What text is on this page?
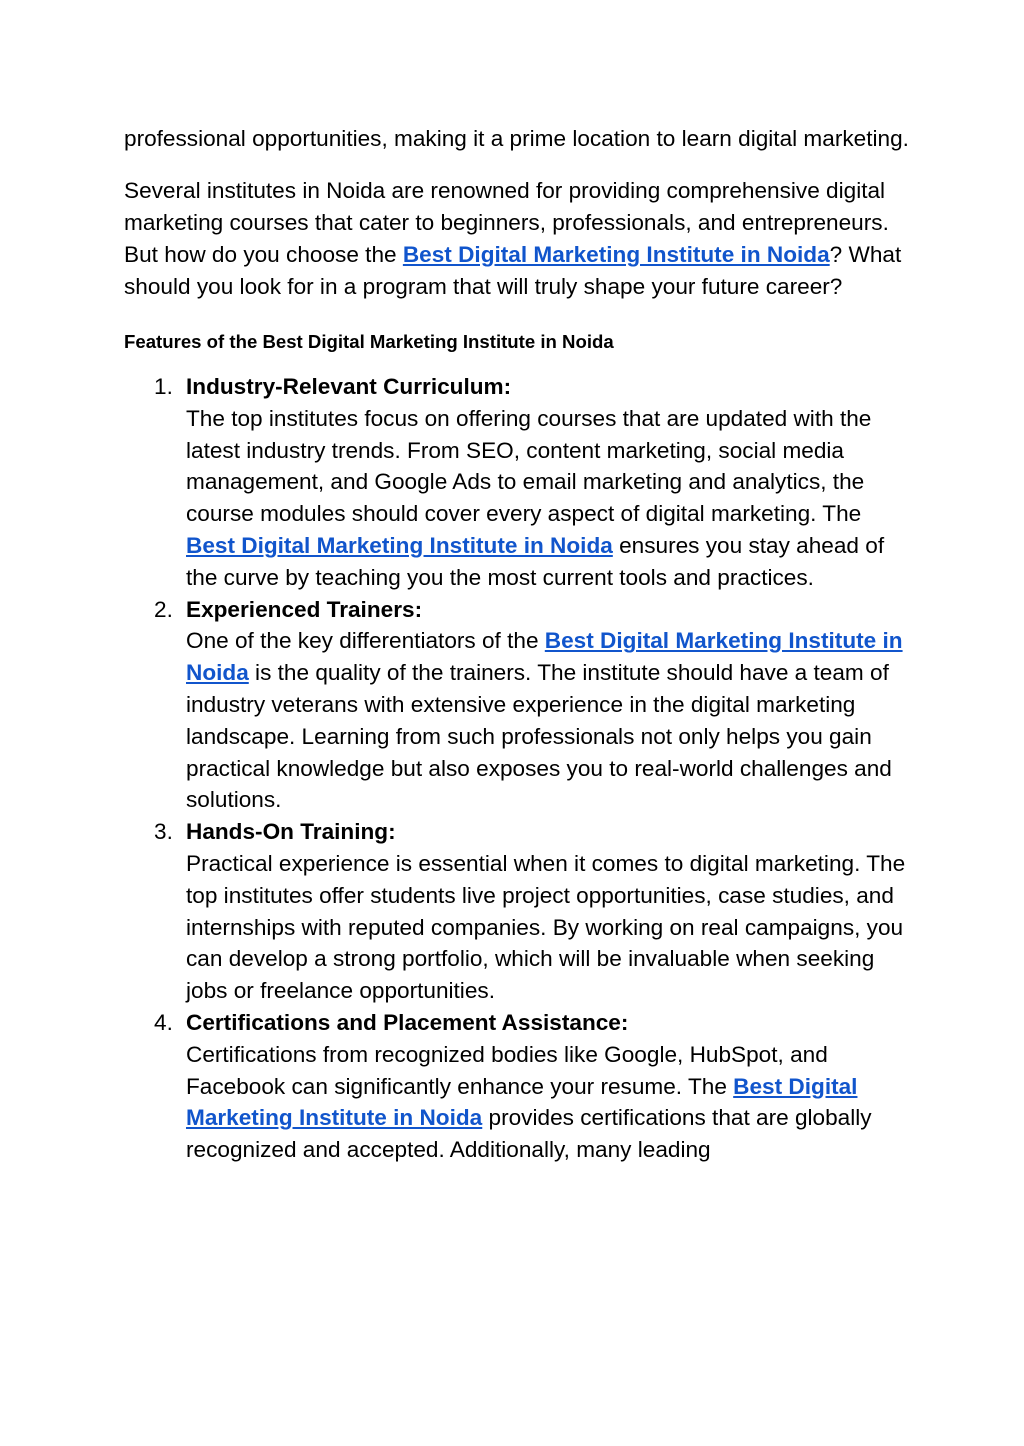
professional opportunities, making it a prime location to learn digital marketing.

Several institutes in Noida are renowned for providing comprehensive digital marketing courses that cater to beginners, professionals, and entrepreneurs. But how do you choose the Best Digital Marketing Institute in Noida? What should you look for in a program that will truly shape your future career?

Features of the Best Digital Marketing Institute in Noida
1. Industry-Relevant Curriculum:
The top institutes focus on offering courses that are updated with the latest industry trends. From SEO, content marketing, social media management, and Google Ads to email marketing and analytics, the course modules should cover every aspect of digital marketing. The Best Digital Marketing Institute in Noida ensures you stay ahead of the curve by teaching you the most current tools and practices.
2. Experienced Trainers:
One of the key differentiators of the Best Digital Marketing Institute in Noida is the quality of the trainers. The institute should have a team of industry veterans with extensive experience in the digital marketing landscape. Learning from such professionals not only helps you gain practical knowledge but also exposes you to real-world challenges and solutions.
3. Hands-On Training:
Practical experience is essential when it comes to digital marketing. The top institutes offer students live project opportunities, case studies, and internships with reputed companies. By working on real campaigns, you can develop a strong portfolio, which will be invaluable when seeking jobs or freelance opportunities.
4. Certifications and Placement Assistance:
Certifications from recognized bodies like Google, HubSpot, and Facebook can significantly enhance your resume. The Best Digital Marketing Institute in Noida provides certifications that are globally recognized and accepted. Additionally, many leading
